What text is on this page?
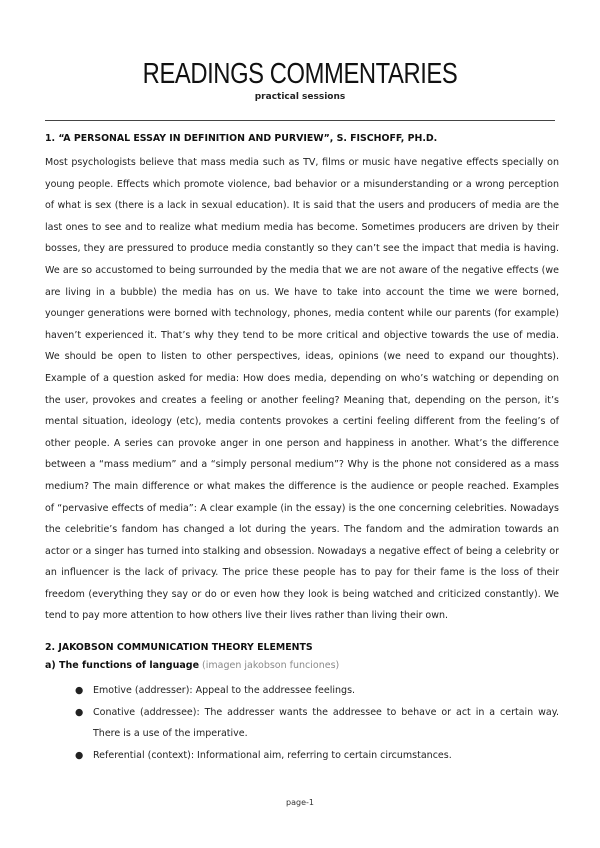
READINGS COMMENTARIES
practical sessions
1. “A PERSONAL ESSAY IN DEFINITION AND PURVIEW”, S. FISCHOFF, PH.D.
Most psychologists believe that mass media such as TV, films or music have negative effects specially on young people. Effects which promote violence, bad behavior or a misunderstanding or a wrong perception of what is sex (there is a lack in sexual education). It is said that the users and producers of media are the last ones to see and to realize what medium media has become. Sometimes producers are driven by their bosses, they are pressured to produce media constantly so they can’t see the impact that media is having. We are so accustomed to being surrounded by the media that we are not aware of the negative effects (we are living in a bubble) the media has on us. We have to take into account the time we were borned, younger generations were borned with technology, phones, media content while our parents (for example) haven’t experienced it. That’s why they tend to be more critical and objective towards the use of media. We should be open to listen to other perspectives, ideas, opinions (we need to expand our thoughts). Example of a question asked for media: How does media, depending on who’s watching or depending on the user, provokes and creates a feeling or another feeling? Meaning that, depending on the person, it’s mental situation, ideology (etc), media contents provokes a certini feeling different from the feeling’s of other people. A series can provoke anger in one person and happiness in another. What’s the difference between a “mass medium” and a “simply personal medium”? Why is the phone not considered as a mass medium? The main difference or what makes the difference is the audience or people reached. Examples of “pervasive effects of media”: A clear example (in the essay) is the one concerning celebrities. Nowadays the celebritie’s fandom has changed a lot during the years. The fandom and the admiration towards an actor or a singer has turned into stalking and obsession. Nowadays a negative effect of being a celebrity or an influencer is the lack of privacy. The price these people has to pay for their fame is the loss of their freedom (everything they say or do or even how they look is being watched and criticized constantly). We tend to pay more attention to how others live their lives rather than living their own.
2. JAKOBSON COMMUNICATION THEORY ELEMENTS
a) The functions of language (imagen jakobson funciones)
● Emotive (addresser): Appeal to the addressee feelings.
● Conative (addressee): The addresser wants the addressee to behave or act in a certain way. There is a use of the imperative.
● Referential (context): Informational aim, referring to certain circumstances.
page-1
